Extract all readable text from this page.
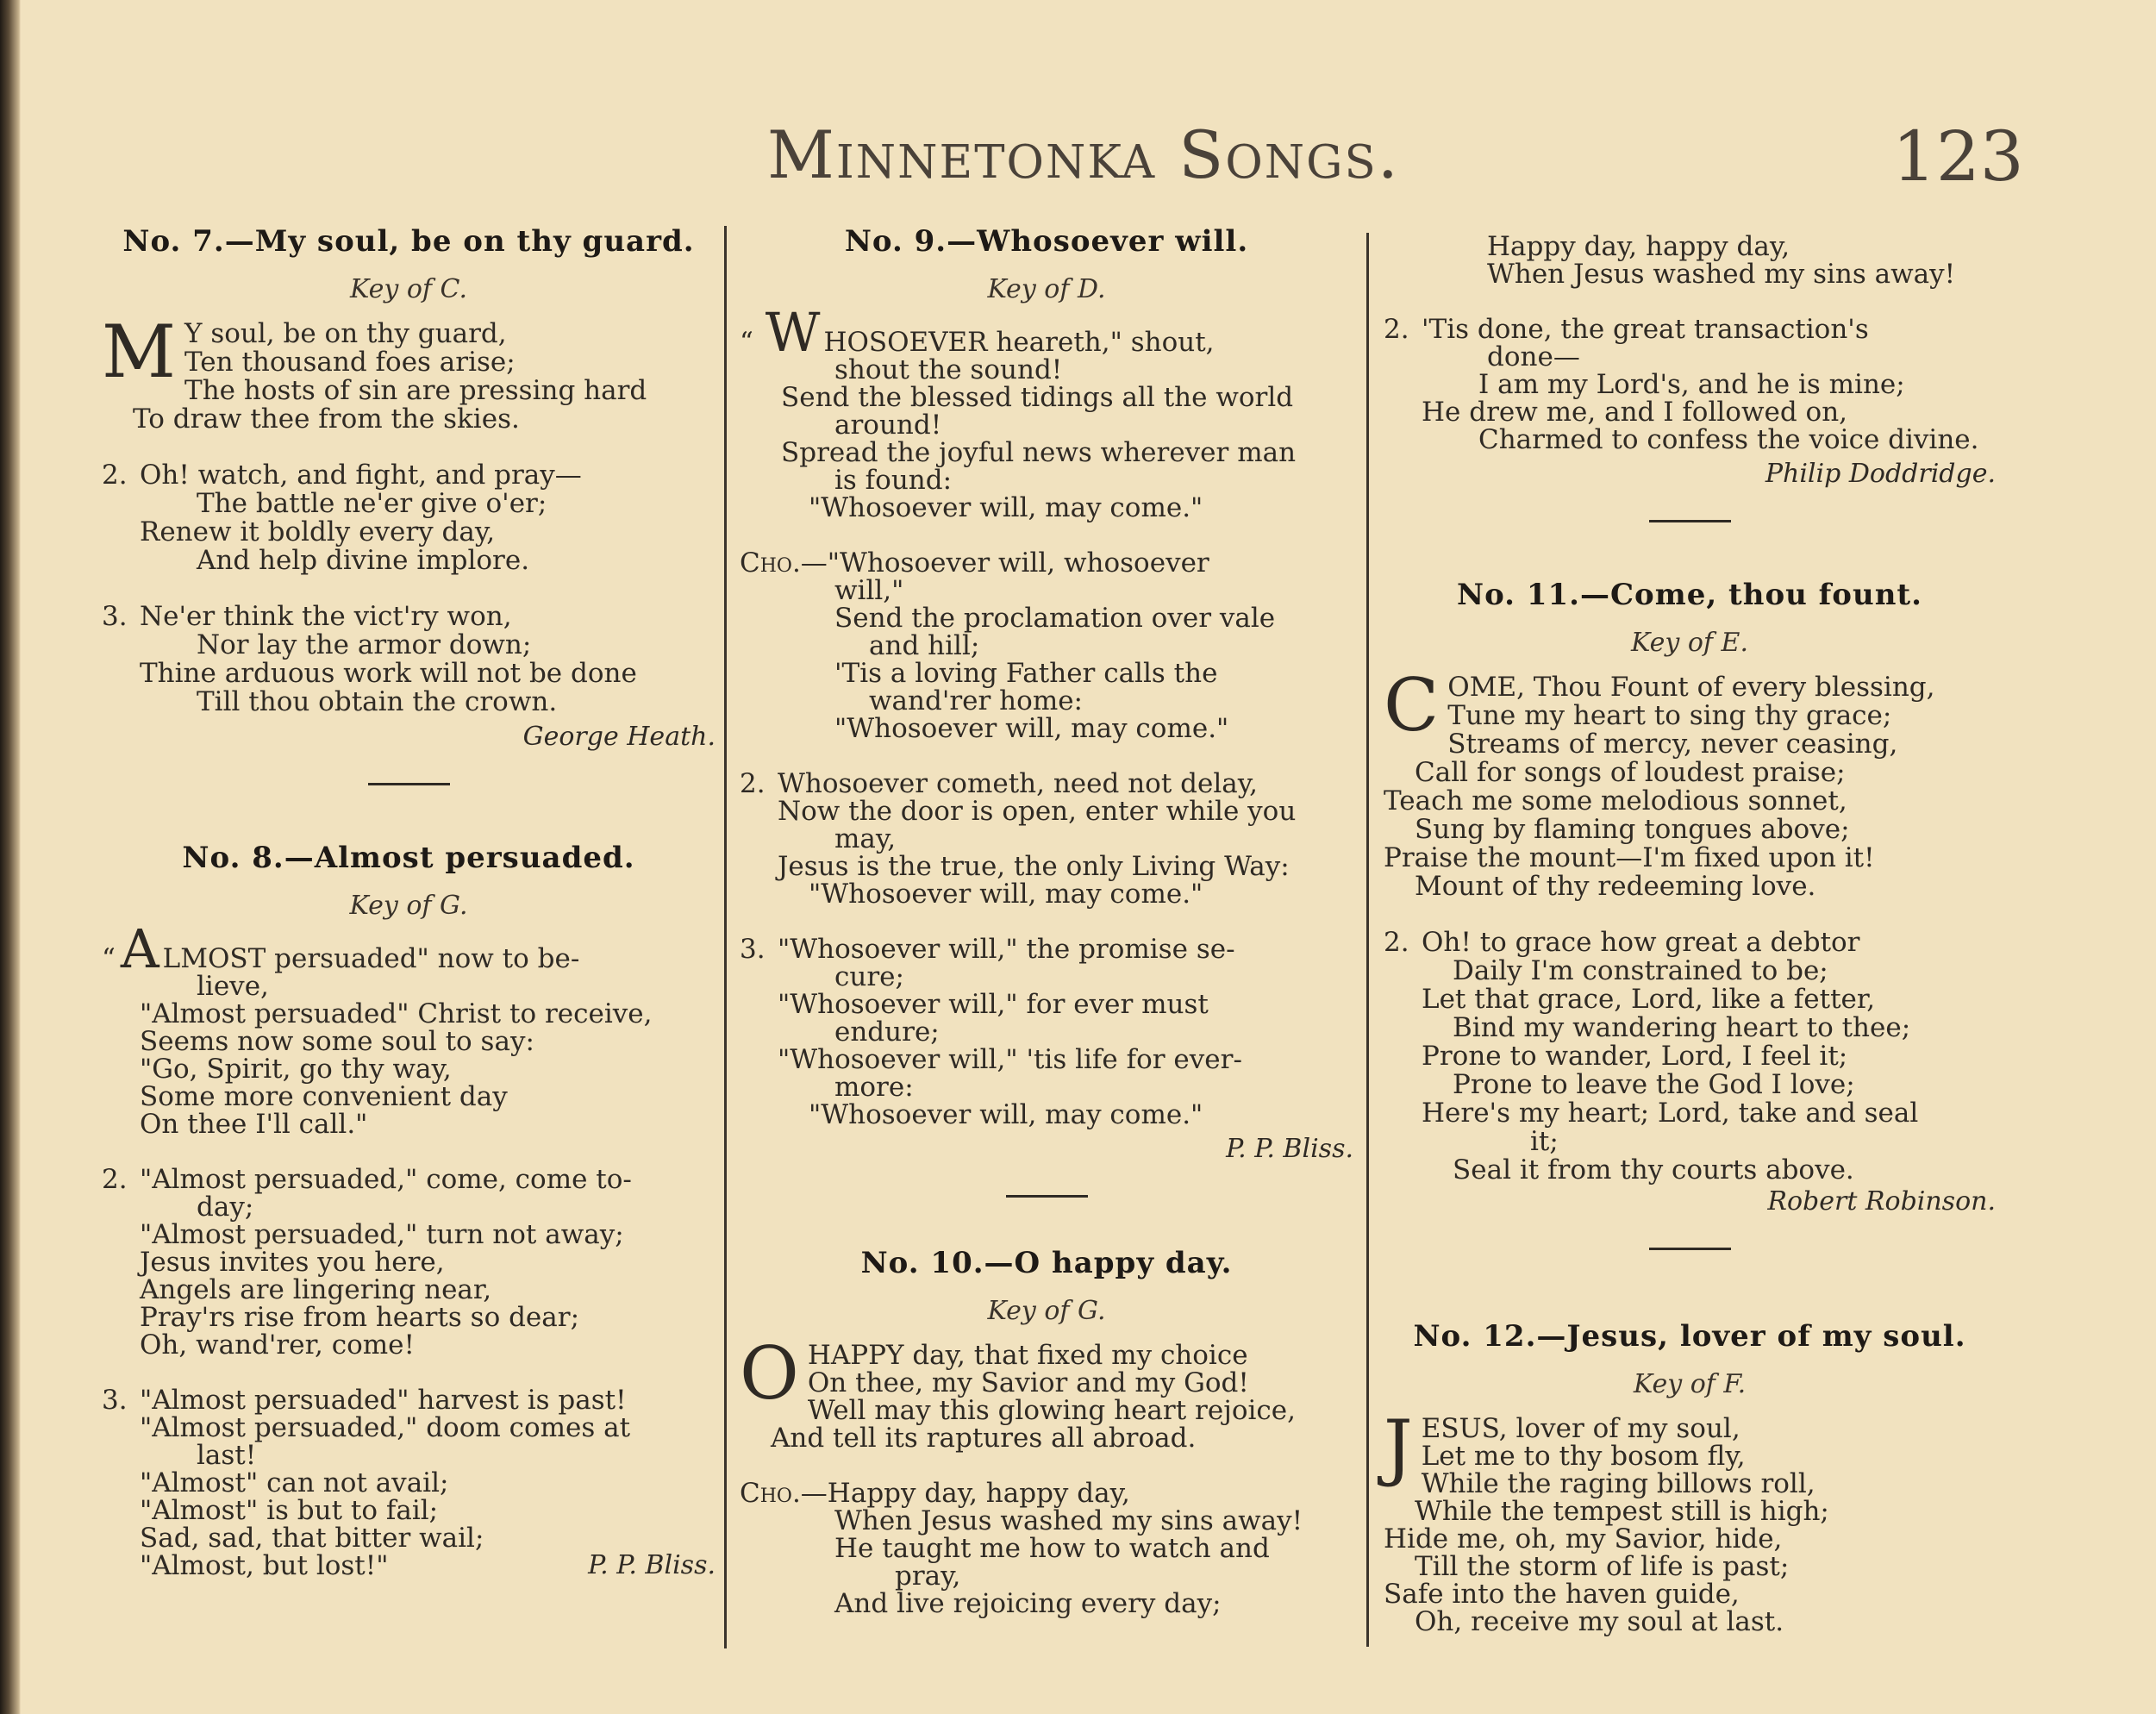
Minnetonka Songs.	123
No. 7.—My soul, be on thy guard.
Key of C.
M Y soul, be on thy guard,
Ten thousand foes arise;
The hosts of sin are pressing hard
To draw thee from the skies.
2. Oh! watch, and fight, and pray—
The battle ne'er give o'er;
Renew it boldly every day,
And help divine implore.
3. Ne'er think the vict'ry won,
Nor lay the armor down;
Thine arduous work will not be done
Till thou obtain the crown.
George Heath.
No. 8.—Almost persuaded.
Key of G.
“A LMOST persuaded" now to be-
lieve,
"Almost persuaded" Christ to receive,
Seems now some soul to say:
"Go, Spirit, go thy way,
Some more convenient day
On thee I'll call."
2. "Almost persuaded," come, come to-
day;
"Almost persuaded," turn not away;
Jesus invites you here,
Angels are lingering near,
Pray'rs rise from hearts so dear;
Oh, wand'rer, come!
3. "Almost persuaded" harvest is past!
"Almost persuaded," doom comes at
last!
"Almost" can not avail;
"Almost" is but to fail;
Sad, sad, that bitter wail;
"Almost, but lost!"	P. P. Bliss.
No. 9.—Whosoever will.
Key of D.
“ W HOSOEVER heareth," shout,
shout the sound!
Send the blessed tidings all the world
around!
Spread the joyful news wherever man
is found:
"Whosoever will, may come."
Cho.—"Whosoever will, whosoever
will,"
Send the proclamation over vale
and hill;
'Tis a loving Father calls the
wand'rer home:
"Whosoever will, may come."
2. Whosoever cometh, need not delay,
Now the door is open, enter while you
may,
Jesus is the true, the only Living Way:
"Whosoever will, may come."
3. "Whosoever will," the promise se-
cure;
"Whosoever will," for ever must
endure;
"Whosoever will," 'tis life for ever-
more:
"Whosoever will, may come."
P. P. Bliss.
No. 10.—O happy day.
Key of G.
O HAPPY day, that fixed my choice
On thee, my Savior and my God!
Well may this glowing heart rejoice,
And tell its raptures all abroad.
Cho.—Happy day, happy day,
When Jesus washed my sins away!
He taught me how to watch and
pray,
And live rejoicing every day;
Happy day, happy day,
When Jesus washed my sins away!
2. 'Tis done, the great transaction's
done—
I am my Lord's, and he is mine;
He drew me, and I followed on,
Charmed to confess the voice divine.
Philip Doddridge.
No. 11.—Come, thou fount.
Key of E.
C OME, Thou Fount of every blessing,
Tune my heart to sing thy grace;
Streams of mercy, never ceasing,
Call for songs of loudest praise;
Teach me some melodious sonnet,
Sung by flaming tongues above;
Praise the mount—I'm fixed upon it!
Mount of thy redeeming love.
2. Oh! to grace how great a debtor
Daily I'm constrained to be;
Let that grace, Lord, like a fetter,
Bind my wandering heart to thee;
Prone to wander, Lord, I feel it;
Prone to leave the God I love;
Here's my heart; Lord, take and seal
it;
Seal it from thy courts above.
Robert Robinson.
No. 12.—Jesus, lover of my soul.
Key of F.
J ESUS, lover of my soul,
Let me to thy bosom fly,
While the raging billows roll,
While the tempest still is high;
Hide me, oh, my Savior, hide,
Till the storm of life is past;
Safe into the haven guide,
Oh, receive my soul at last.
